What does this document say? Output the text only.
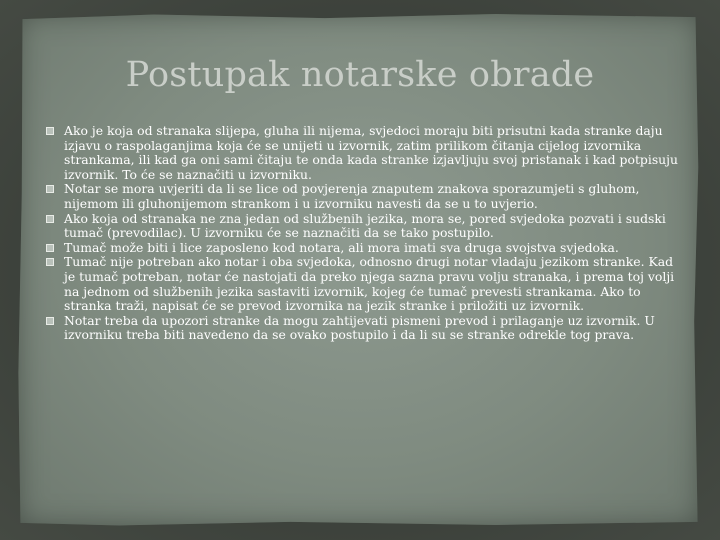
Postupak notarske obrade
Ako je koja od stranaka slijepa, gluha ili nijema, svjedoci moraju biti prisutni kada stranke daju izjavu o raspolaganjima koja će se unijeti u izvornik, zatim prilikom čitanja cijelog izvornika strankama, ili kad ga oni sami čitaju te onda kada stranke izjavljuju svoj pristanak i kad potpisuju izvornik. To će se naznačiti u izvorniku.
Notar se mora uvjeriti da li se lice od povjerenja znaputem znakova sporazumjeti s gluhom, nijemom ili gluhonijemom strankom i u izvorniku navesti da se u to uvjerio.
Ako koja od stranaka ne zna jedan od službenih jezika, mora se, pored svjedoka pozvati i sudski tumač (prevodilac). U izvorniku će se naznačiti da se tako postupilo.
Tumač može biti i lice zaposleno kod notara, ali mora imati sva druga svojstva svjedoka.
Tumač nije potreban ako notar i oba svjedoka, odnosno drugi notar vladaju jezikom stranke. Kad je tumač potreban, notar će nastojati da preko njega sazna pravu volju stranaka, i prema toj volji na jednom od službenih jezika sastaviti izvornik, kojeg će tumač prevesti strankama. Ako to stranka traži, napisat će se prevod izvornika na jezik stranke i priložiti uz izvornik.
Notar treba da upozori stranke da mogu zahtijevati pismeni prevod i prilaganje uz izvornik. U izvorniku treba biti navedeno da se ovako postupilo i da li su se stranke odrekle tog prava.
